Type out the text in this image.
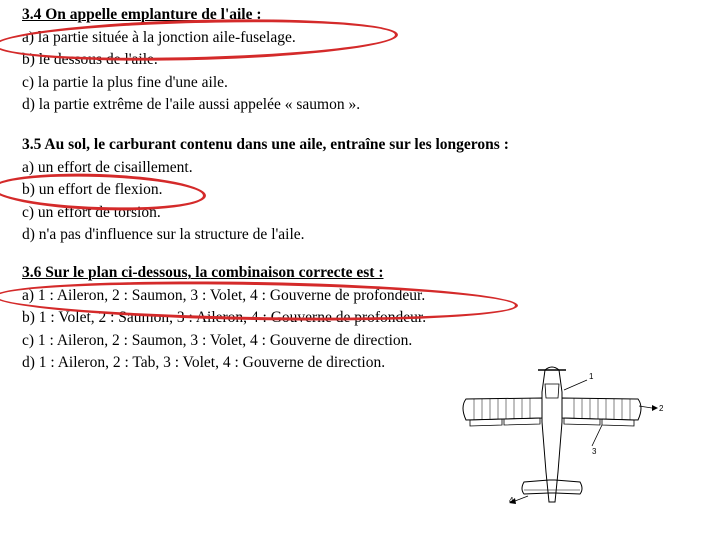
3.4 On appelle emplanture de l'aile :
a) la partie située à la jonction aile-fuselage.
b) le dessous de l'aile.
c) la partie la plus fine d'une aile.
d) la partie extrême de l'aile aussi appelée « saumon ».
3.5 Au sol, le carburant contenu dans une aile, entraîne sur les longerons :
a) un effort de cisaillement.
b) un effort de flexion.
c) un effort de torsion.
d) n'a pas d'influence sur la structure de l'aile.
3.6 Sur le plan ci-dessous, la combinaison correcte est :
a) 1 : Aileron, 2 : Saumon, 3 : Volet, 4 : Gouverne de profondeur.
b) 1 : Volet, 2 : Saumon, 3 : Aileron, 4 : Gouverne de profondeur.
c) 1 : Aileron, 2 : Saumon, 3 : Volet, 4 : Gouverne de direction.
d) 1 : Aileron, 2 : Tab, 3 : Volet, 4 : Gouverne de direction.
1
2
3
4
